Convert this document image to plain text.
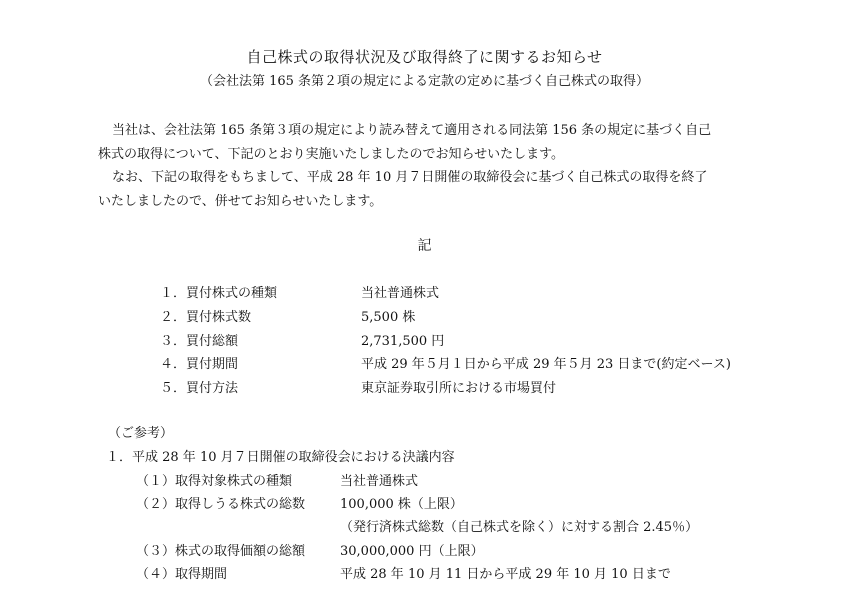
自己株式の取得状況及び取得終了に関するお知らせ
（会社法第 165 条第２項の規定による定款の定めに基づく自己株式の取得）
当社は、会社法第 165 条第３項の規定により読み替えて適用される同法第 156 条の規定に基づく自己
株式の取得について、下記のとおり実施いたしましたのでお知らせいたします。
なお、下記の取得をもちまして、平成 28 年 10 月７日開催の取締役会に基づく自己株式の取得を終了
いたしましたので、併せてお知らせいたします。
記
１．買付株式の種類	当社普通株式
２．買付株式数	5,500 株
３．買付総額	2,731,500 円
４．買付期間	平成 29 年５月１日から平成 29 年５月 23 日まで(約定ベース)
５．買付方法	東京証券取引所における市場買付
（ご参考）
１．平成 28 年 10 月７日開催の取締役会における決議内容
（１）取得対象株式の種類	当社普通株式
（２）取得しうる株式の総数	100,000 株（上限）
（発行済株式総数（自己株式を除く）に対する割合 2.45％）
（３）株式の取得価額の総額	30,000,000 円（上限）
（４）取得期間	平成 28 年 10 月 11 日から平成 29 年 10 月 10 日まで
